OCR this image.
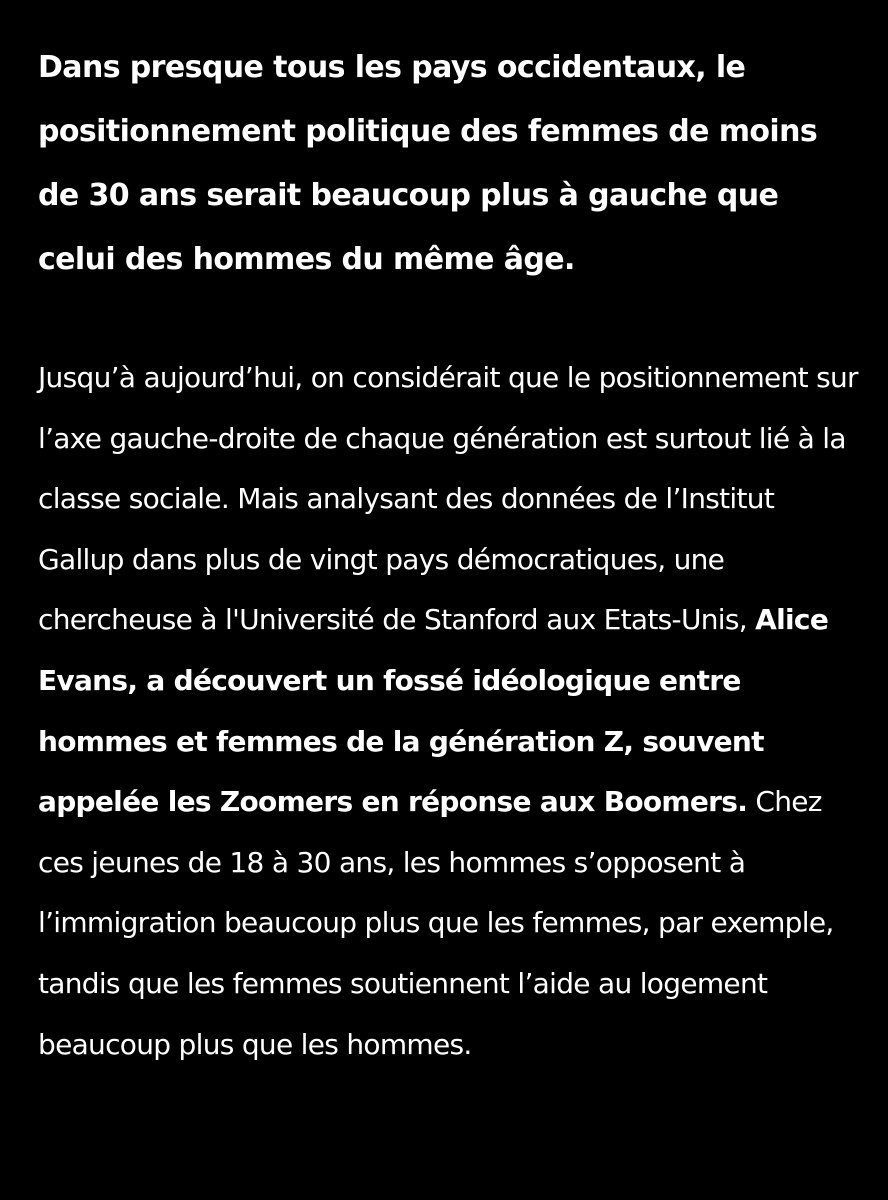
Dans presque tous les pays occidentaux, le positionnement politique des femmes de moins de 30 ans serait beaucoup plus à gauche que celui des hommes du même âge.

Jusqu’à aujourd’hui, on considérait que le positionnement sur l’axe gauche-droite de chaque génération est surtout lié à la classe sociale. Mais analysant des données de l’Institut Gallup dans plus de vingt pays démocratiques, une chercheuse à l'Université de Stanford aux Etats-Unis, Alice Evans, a découvert un fossé idéologique entre hommes et femmes de la génération Z, souvent appelée les Zoomers en réponse aux Boomers. Chez ces jeunes de 18 à 30 ans, les hommes s’opposent à l’immigration beaucoup plus que les femmes, par exemple, tandis que les femmes soutiennent l’aide au logement beaucoup plus que les hommes.
